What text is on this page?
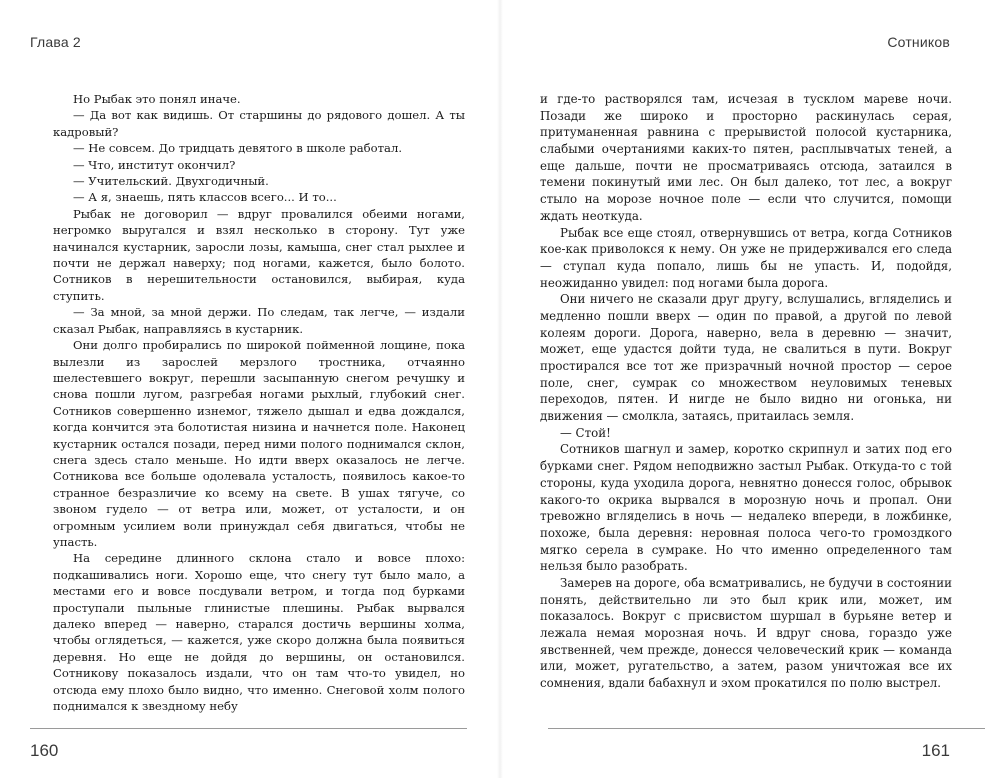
Глава 2

Но Рыбак это понял иначе.

— Да вот как видишь. От старшины до рядового дошел. А ты кадровый?

— Не совсем. До тридцать девятого в школе работал.

— Что, институт окончил?

— Учительский. Двухгодичный.

— А я, знаешь, пять классов всего... И то...

Рыбак не договорил — вдруг провалился обеими ногами, негромко выругался и взял несколько в сторону. Тут уже начинался кустарник, заросли лозы, камыша, снег стал рыхлее и почти не держал наверху; под ногами, кажется, было болото. Сотников в нерешительности остановился, выбирая, куда ступить.

— За мной, за мной держи. По следам, так легче, — издали сказал Рыбак, направляясь в кустарник.

Они долго пробирались по широкой пойменной лощине, пока вылезли из зарослей мерзлого тростника, отчаянно шелестевшего вокруг, перешли засыпанную снегом речушку и снова пошли лугом, разгребая ногами рыхлый, глубокий снег. Сотников совершенно изнемог, тяжело дышал и едва дождался, когда кончится эта болотистая низина и начнется поле. Наконец кустарник остался позади, перед ними полого поднимался склон, снега здесь стало меньше. Но идти вверх оказалось не легче. Сотникова все больше одолевала усталость, появилось какое-то странное безразличие ко всему на свете. В ушах тягуче, со звоном гудело — от ветра или, может, от усталости, и он огромным усилием воли принуждал себя двигаться, чтобы не упасть.

На середине длинного склона стало и вовсе плохо: подкашивались ноги. Хорошо еще, что снегу тут было мало, а местами его и вовсе посдували ветром, и тогда под бурками проступали пыльные глинистые плешины. Рыбак вырвался далеко вперед — наверно, старался достичь вершины холма, чтобы оглядеться, — кажется, уже скоро должна была появиться деревня. Но еще не дойдя до вершины, он остановился. Сотникову показалось издали, что он там что-то увидел, но отсюда ему плохо было видно, что именно. Снеговой холм полого поднимался к звездному небу

160
Сотников

и где-то растворялся там, исчезая в тусклом мареве ночи. Позади же широко и просторно раскинулась серая, притуманенная равнина с прерывистой полосой кустарника, слабыми очертаниями каких-то пятен, расплывчатых теней, а еще дальше, почти не просматриваясь отсюда, затаился в темени покинутый ими лес. Он был далеко, тот лес, а вокруг стыло на морозе ночное поле — если что случится, помощи ждать неоткуда.

Рыбак все еще стоял, отвернувшись от ветра, когда Сотников кое-как приволокся к нему. Он уже не придерживался его следа — ступал куда попало, лишь бы не упасть. И, подойдя, неожиданно увидел: под ногами была дорога.

Они ничего не сказали друг другу, вслушались, вгляделись и медленно пошли вверх — один по правой, а другой по левой колеям дороги. Дорога, наверно, вела в деревню — значит, может, еще удастся дойти туда, не свалиться в пути. Вокруг простирался все тот же призрачный ночной простор — серое поле, снег, сумрак со множеством неуловимых теневых переходов, пятен. И нигде не было видно ни огонька, ни движения — смолкла, затаясь, притаилась земля.

— Стой!

Сотников шагнул и замер, коротко скрипнул и затих под его бурками снег. Рядом неподвижно застыл Рыбак. Откуда-то с той стороны, куда уходила дорога, невнятно донесся голос, обрывок какого-то окрика вырвался в морозную ночь и пропал. Они тревожно вгляделись в ночь — недалеко впереди, в ложбинке, похоже, была деревня: неровная полоса чего-то громоздкого мягко серела в сумраке. Но что именно определенного там нельзя было разобрать.

Замерев на дороге, оба всматривались, не будучи в состоянии понять, действительно ли это был крик или, может, им показалось. Вокруг с присвистом шуршал в бурьяне ветер и лежала немая морозная ночь. И вдруг снова, гораздо уже явственней, чем прежде, донесся человеческий крик — команда или, может, ругательство, а затем, разом уничтожая все их сомнения, вдали бабахнул и эхом прокатился по полю выстрел.

161
